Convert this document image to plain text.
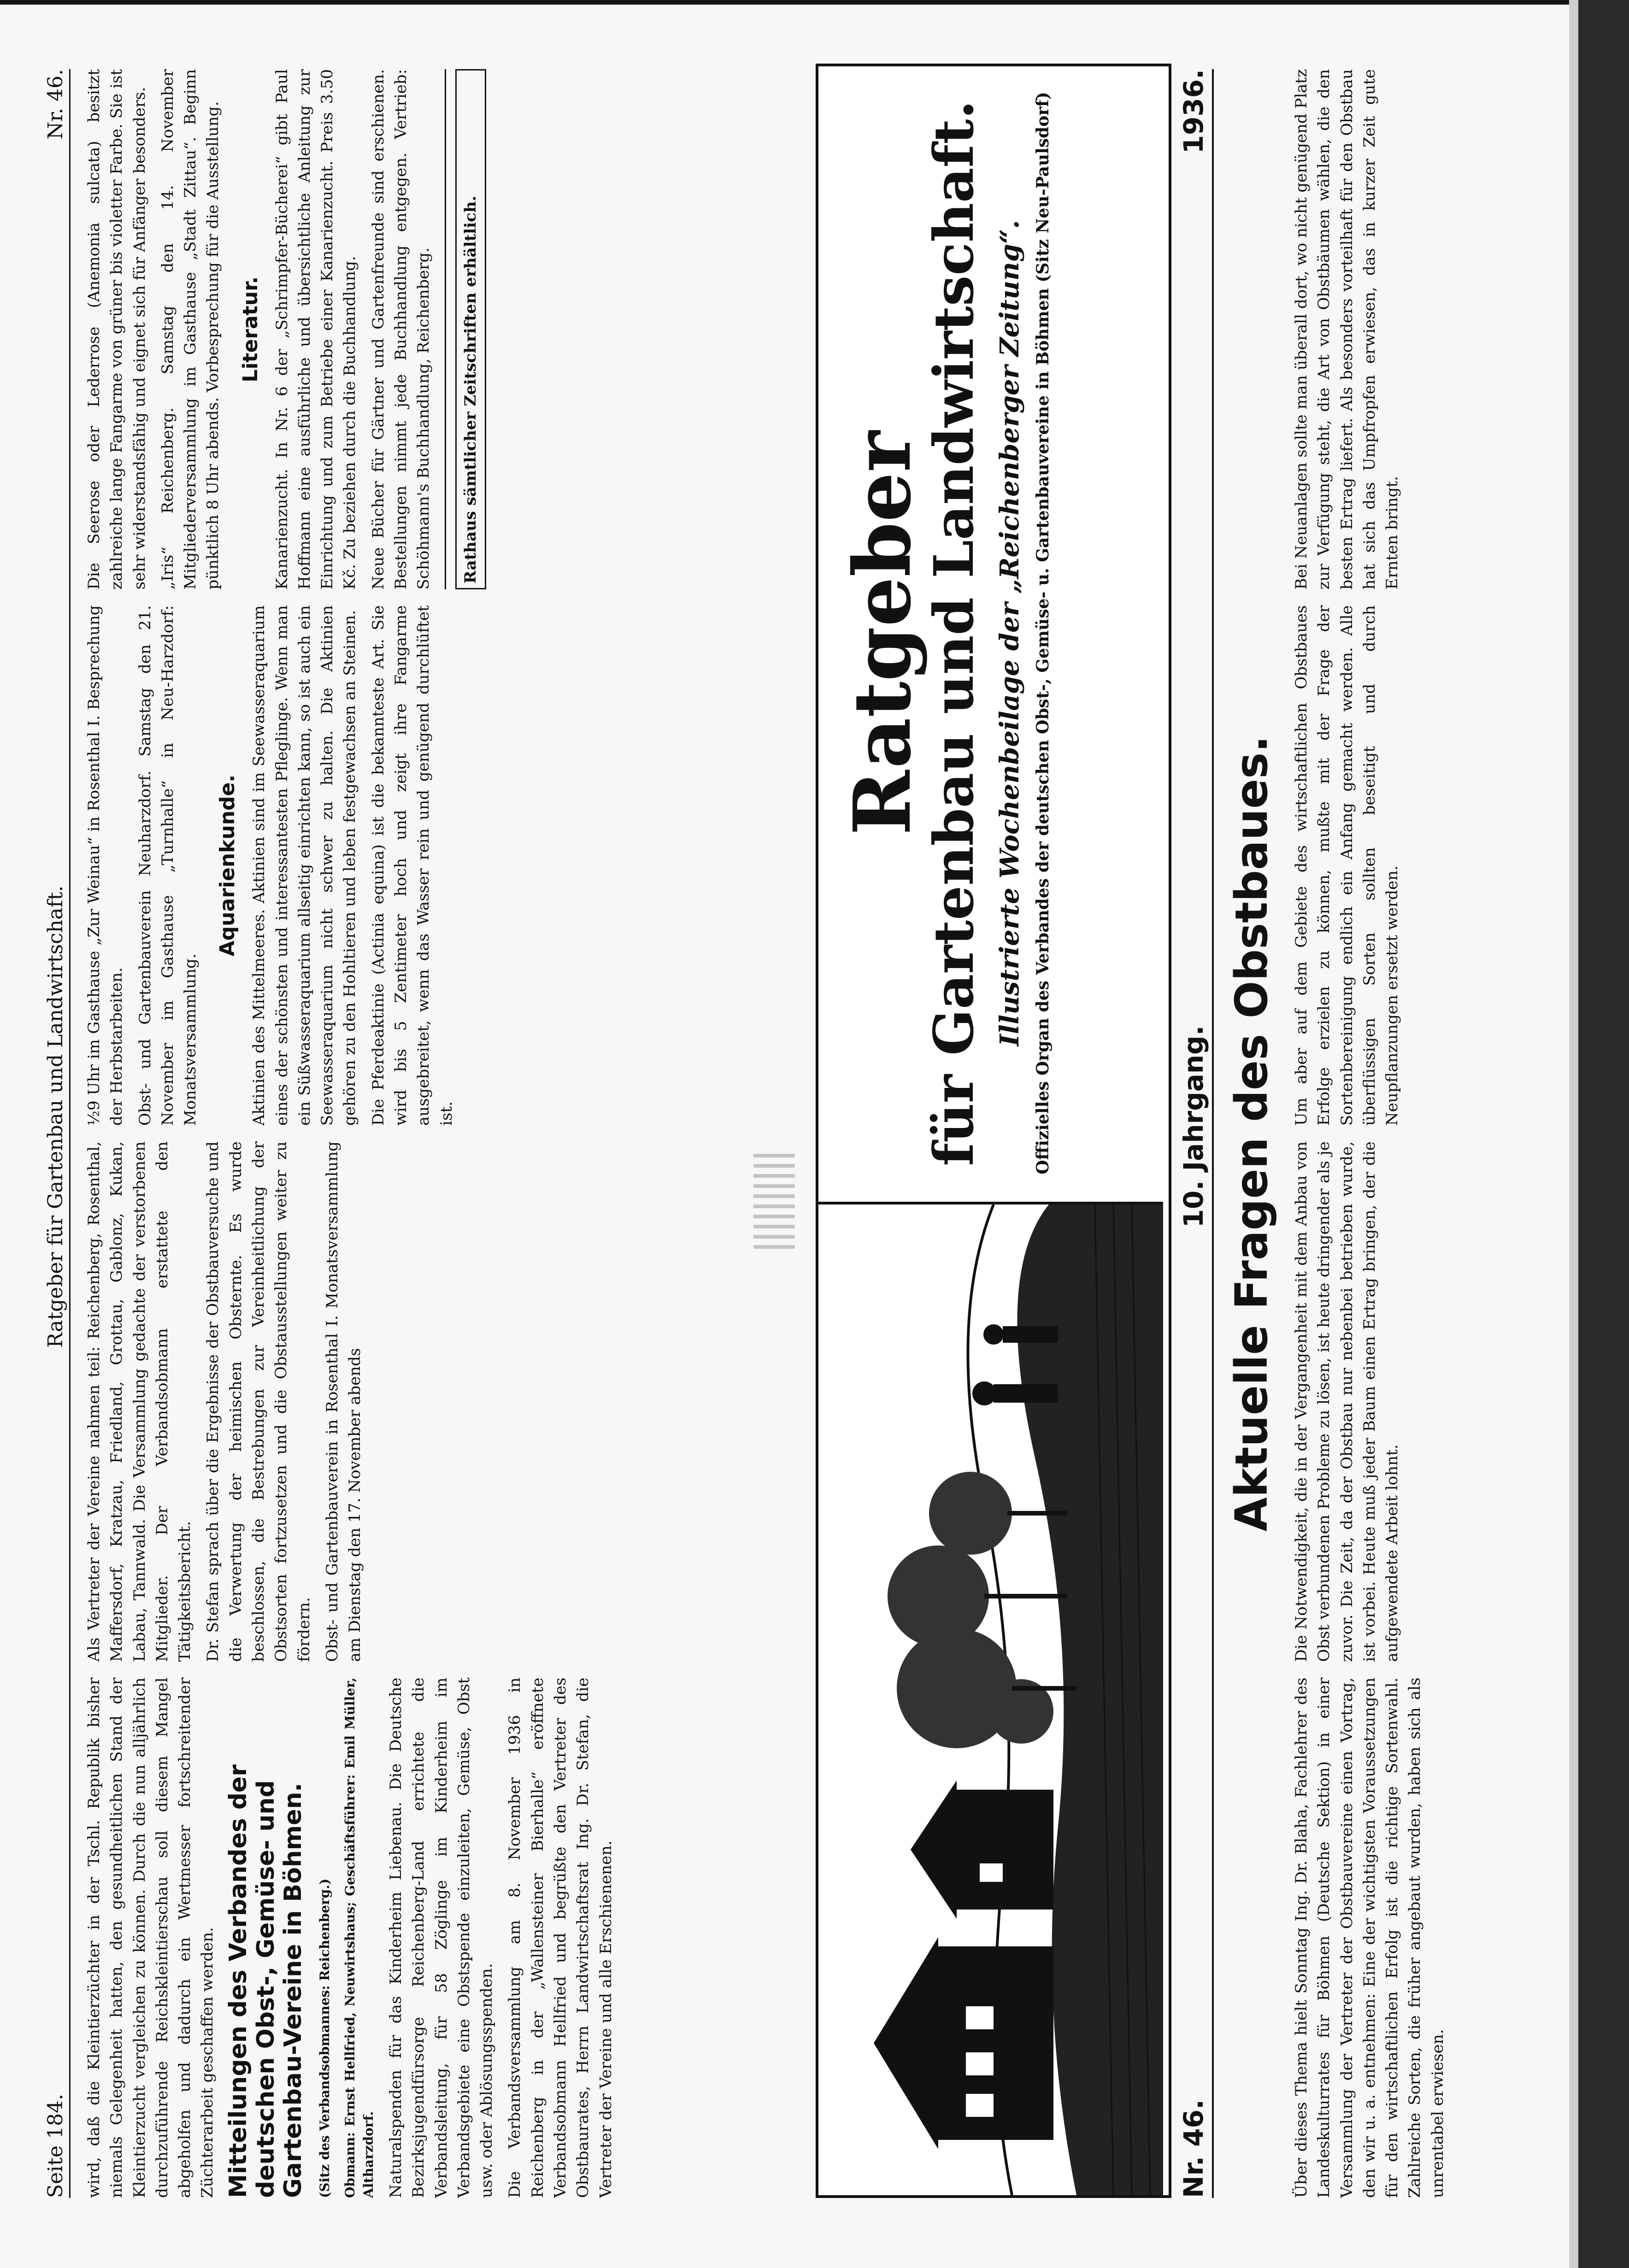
Seite 184.
Ratgeber für Gartenbau und Landwirtschaft.
Nr. 46.

wird, daß die Kleintierzüchter in der Tschl. Republik bisher niemals Gelegenheit hatten, den gesundheitlichen Stand der Kleintierzucht vergleichen zu können. Durch die nun alljährlich durchzuführende Reichskleintierschau soll diesem Mangel abgeholfen und dadurch ein Wertmesser fortschreitender Züchterarbeit geschaffen werden. Mitteilungen des Verbandes der deutschen Obst-, Gemüse- und Gartenbau-Vereine in Böhmen. (Sitz des Verbandsobmannes: Reichenberg.) Obmann: Ernst Hellfried, Neuwirtshaus; Geschäftsführer: Emil Müller, Altharzdorf. Naturalspenden für das Kinderheim Liebenau. Die Deutsche Bezirksjugendfürsorge Reichenberg-Land errichtete die Verbandsleitung, für 58 Zöglinge im Kinderheim im Verbandsgebiete eine Obstspende einzuleiten, Gemüse, Obst usw. oder Ablösungsspenden. Die Verbandsversammlung am 8. November 1936 in Reichenberg in der „Wallensteiner Bierhalle“ eröffnete Verbandsobmann Hellfried und begrüßte den Vertreter des Obstbaurates, Herrn Landwirtschaftsrat Ing. Dr. Stefan, die Vertreter der Vereine und alle Erschienenen.

Als Vertreter der Vereine nahmen teil: Reichenberg, Rosenthal, Maffersdorf, Kratzau, Friedland, Grottau, Gablonz, Kukan, Labau, Tannwald. Die Versammlung gedachte der verstorbenen Mitglieder. Der Verbandsobmann erstattete den Tätigkeitsbericht. Dr. Stefan sprach über die Ergebnisse der Obstbauversuche und die Verwertung der heimischen Obsternte. Es wurde beschlossen, die Bestrebungen zur Vereinheitlichung der Obstsorten fortzusetzen und die Obstausstellungen weiter zu fördern. Obst- und Gartenbauverein in Rosenthal I. Monatsversammlung am Dienstag den 17. November abends

½9 Uhr im Gasthause „Zur Weinau“ in Rosenthal I. Besprechung der Herbstarbeiten. Obst- und Gartenbauverein Neuharzdorf. Samstag den 21. November im Gasthause „Turnhalle“ in Neu-Harzdorf: Monatsversammlung.

Aquarienkunde. Aktinien des Mittelmeeres. Aktinien sind im Seewasseraquarium eines der schönsten und interessantesten Pfleglinge. Wenn man ein Süßwasseraquarium allseitig einrichten kann, so ist auch ein Seewasseraquarium nicht schwer zu halten. Die Aktinien gehören zu den Hohltieren und leben festgewachsen an Steinen. Die Pferdeaktinie (Actinia equina) ist die bekannteste Art. Sie wird bis 5 Zentimeter hoch und zeigt ihre Fangarme ausgebreitet, wenn das Wasser rein und genügend durchlüftet ist.

Die Seerose oder Lederrose (Anemonia sulcata) besitzt zahlreiche lange Fangarme von grüner bis violetter Farbe. Sie ist sehr widerstandsfähig und eignet sich für Anfänger besonders. „Iris“ Reichenberg. Samstag den 14. November Mitgliederversammlung im Gasthause „Stadt Zittau“. Beginn pünktlich 8 Uhr abends. Vorbesprechung für die Ausstellung. Literatur. Kanarienzucht. In Nr. 6 der „Schrimpfer-Bücherei“ gibt Paul Hoffmann eine ausführliche und übersichtliche Anleitung zur Einrichtung und zum Betriebe einer Kanarienzucht. Preis 3.50 Kč. Zu beziehen durch die Buchhandlung. Neue Bücher für Gärtner und Gartenfreunde sind erschienen. Bestellungen nimmt jede Buchhandlung entgegen. Vertrieb: Schöhmann's Buchhandlung, Reichenberg.	Rathaus sämtlicher Zeitschriften erhältlich.
Ratgeber
für Gartenbau und Landwirtschaft. Illustrierte Wochenbeilage der „Reichenberger Zeitung“. Offizielles Organ des Verbandes der deutschen Obst-, Gemüse- u. Gartenbauvereine in Böhmen (Sitz Neu-Paulsdorf)
Nr. 46.
10. Jahrgang.
1936.
Aktuelle Fragen des Obstbaues.

Über dieses Thema hielt Sonntag Ing. Dr. Blaha, Fachlehrer des Landeskulturrates für Böhmen (Deutsche Sektion) in einer Versammlung der Vertreter der Obstbauvereine einen Vortrag, den wir u. a. entnehmen: Eine der wichtigsten Voraussetzungen für den wirtschaftlichen Erfolg ist die richtige Sortenwahl. Zahlreiche Sorten, die früher angebaut wurden, haben sich als unrentabel erwiesen.

Die Notwendigkeit, die in der Vergangenheit mit dem Anbau von Obst verbundenen Probleme zu lösen, ist heute dringender als je zuvor. Die Zeit, da der Obstbau nur nebenbei betrieben wurde, ist vorbei. Heute muß jeder Baum einen Ertrag bringen, der die aufgewendete Arbeit lohnt.

Um aber auf dem Gebiete des wirtschaftlichen Obstbaues Erfolge erzielen zu können, mußte mit der Frage der Sortenbereinigung endlich ein Anfang gemacht werden. Alle überflüssigen Sorten sollten beseitigt und durch Neupflanzungen ersetzt werden.

Bei Neuanlagen sollte man überall dort, wo nicht genügend Platz zur Verfügung steht, die Art von Obstbäumen wählen, die den besten Ertrag liefert. Als besonders vorteilhaft für den Obstbau hat sich das Umpfropfen erwiesen, das in kurzer Zeit gute Ernten bringt.
